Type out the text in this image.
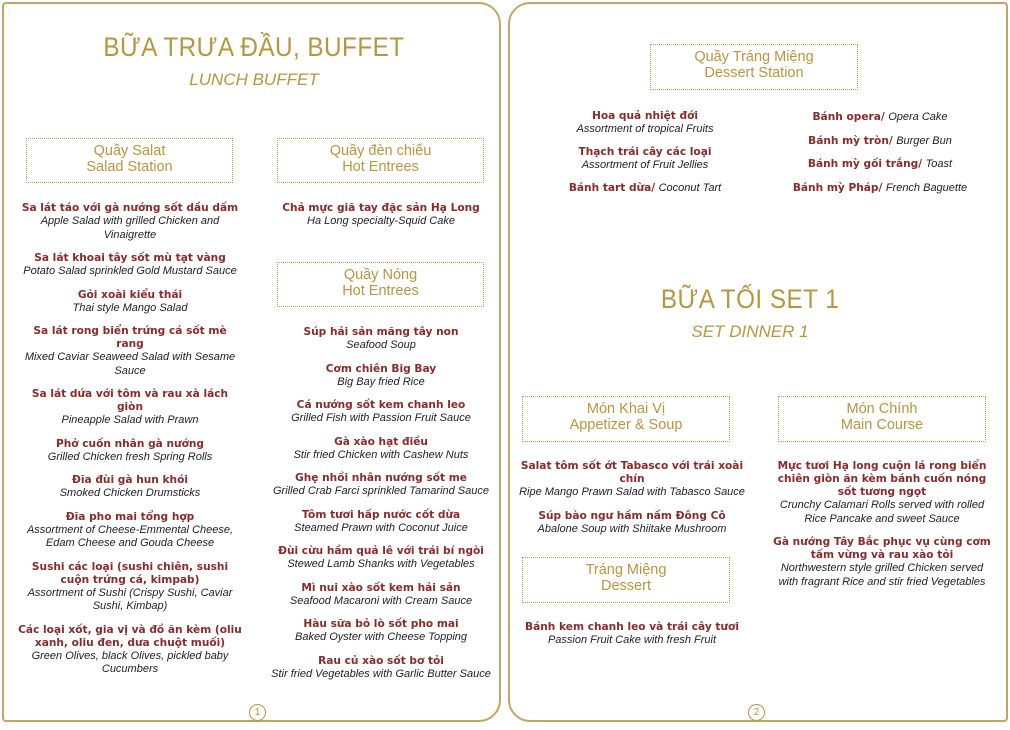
BỮA TRƯA ĐẦU, BUFFET
LUNCH BUFFET
Quầy Salat
Salad Station
Sa lát táo với gà nướng sốt dầu dấm
Apple Salad with grilled Chicken and Vinaigrette
Sa lát khoai tây sốt mù tạt vàng
Potato Salad sprinkled Gold Mustard Sauce
Gỏi xoài kiểu thái
Thai style Mango Salad
Sa lát rong biển trứng cá sốt mè rang
Mixed Caviar Seaweed Salad with Sesame Sauce
Sa lát dứa với tôm và rau xà lách giòn
Pineapple Salad with Prawn
Phở cuốn nhân gà nướng
Grilled Chicken fresh Spring Rolls
Đĩa đùi gà hun khói
Smoked Chicken Drumsticks
Đĩa pho mai tổng hợp
Assortment of Cheese-Emmental Cheese, Edam Cheese and Gouda Cheese
Sushi các loại (sushi chiên, sushi cuộn trứng cá, kimpab)
Assortment of Sushi (Crispy Sushi, Caviar Sushi, Kimbap)
Các loại xốt, gia vị và đồ ăn kèm (oliu xanh, oliu đen, dưa chuột muối)
Green Olives, black Olives, pickled baby Cucumbers
Quầy đèn chiếu
Hot Entrees
Chả mực giã tay đặc sản Hạ Long
Ha Long specialty-Squid Cake
Quầy Nóng
Hot Entrees
Súp hải sản măng tây non
Seafood Soup
Cơm chiên Big Bay
Big Bay fried Rice
Cá nướng sốt kem chanh leo
Grilled Fish with Passion Fruit Sauce
Gà xào hạt điều
Stir fried Chicken with Cashew Nuts
Ghẹ nhồi nhân nướng sốt me
Grilled Crab Farci sprinkled Tamarind Sauce
Tôm tươi hấp nước cốt dừa
Steamed Prawn with Coconut Juice
Đùi cừu hầm quả lê với trái bí ngòi
Stewed Lamb Shanks with Vegetables
Mì nui xào sốt kem hải sản
Seafood Macaroni with Cream Sauce
Hàu sữa bỏ lò sốt pho mai
Baked Oyster with Cheese Topping
Rau củ xào sốt bơ tỏi
Stir fried Vegetables with Garlic Butter Sauce
1
Quầy Tráng Miệng
Dessert Station
Hoa quả nhiệt đới
Assortment of tropical Fruits
Thạch trái cây các loại
Assortment of Fruit Jellies
Bánh tart dừa/ Coconut Tart
Bánh opera/ Opera Cake
Bánh mỳ tròn/ Burger Bun
Bánh mỳ gối trắng/ Toast
Bánh mỳ Pháp/ French Baguette
BỮA TỐI SET 1
SET DINNER 1
Món Khai Vị
Appetizer & Soup
Salat tôm sốt ớt Tabasco với trái xoài chín
Ripe Mango Prawn Salad with Tabasco Sauce
Súp bào ngư hầm nấm Đông Cô
Abalone Soup with Shiitake Mushroom
Tráng Miệng
Dessert
Bánh kem chanh leo và trái cây tươi
Passion Fruit Cake with fresh Fruit
Món Chính
Main Course
Mực tươi Hạ long cuộn lá rong biển chiên giòn ăn kèm bánh cuốn nóng sốt tương ngọt
Crunchy Calamari Rolls served with rolled Rice Pancake and sweet Sauce
Gà nướng Tây Bắc phục vụ cùng cơm tấm vừng và rau xào tỏi
Northwestern style grilled Chicken served with fragrant Rice and stir fried Vegetables
2
